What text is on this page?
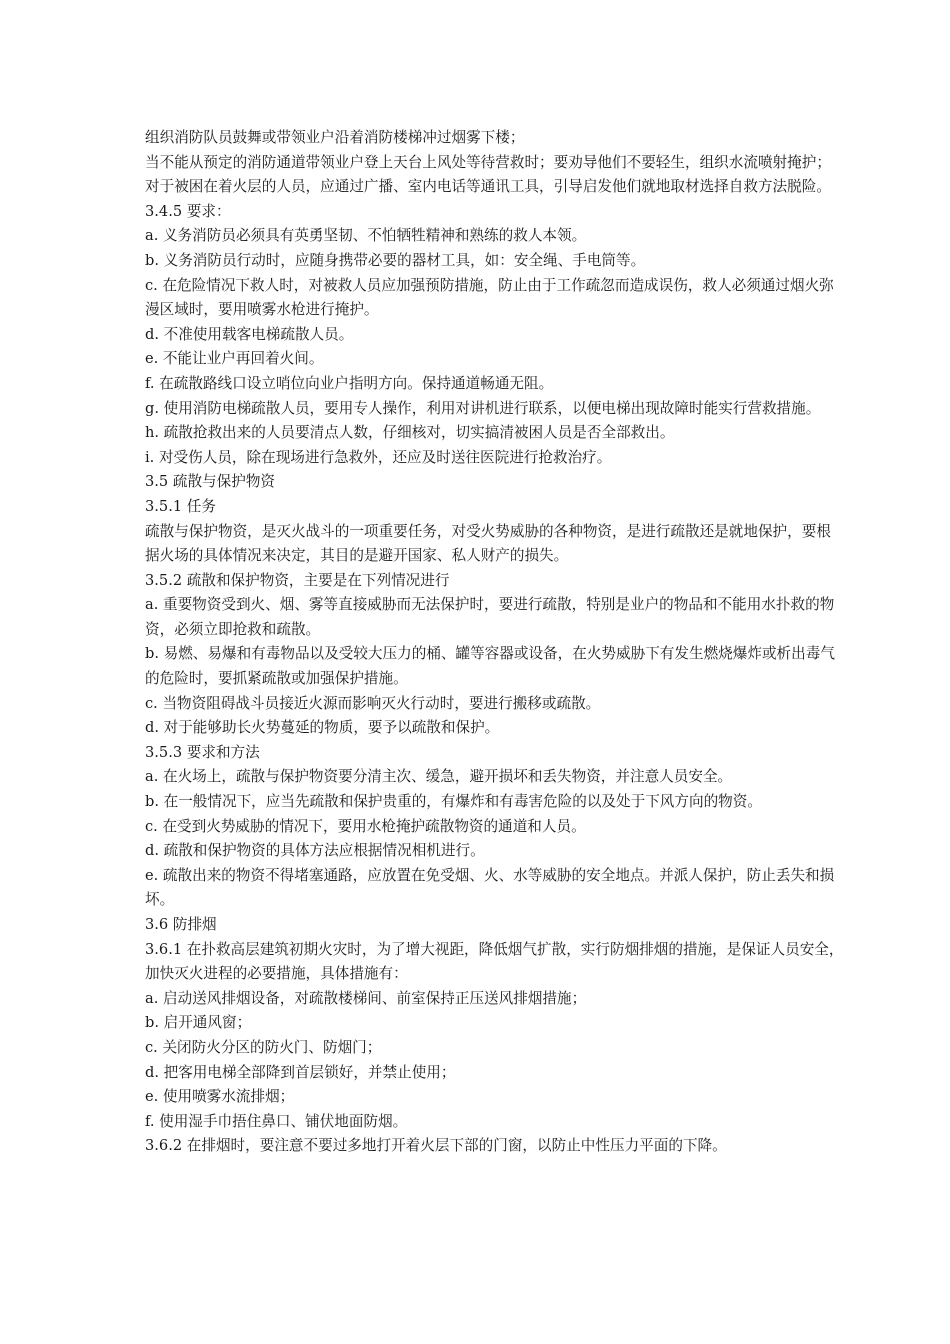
组织消防队员鼓舞或带领业户沿着消防楼梯冲过烟雾下楼；

当不能从预定的消防通道带领业户登上天台上风处等待营救时；要劝导他们不要轻生，组织水流喷射掩护；

对于被困在着火层的人员，应通过广播、室内电话等通讯工具，引导启发他们就地取材选择自救方法脱险。

3.4.5 要求：

a. 义务消防员必须具有英勇坚韧、不怕牺牲精神和熟练的救人本领。

b. 义务消防员行动时，应随身携带必要的器材工具，如：安全绳、手电筒等。

c. 在危险情况下救人时，对被救人员应加强预防措施，防止由于工作疏忽而造成误伤，救人必须通过烟火弥漫区域时，要用喷雾水枪进行掩护。

d. 不准使用载客电梯疏散人员。

e. 不能让业户再回着火间。

f. 在疏散路线口设立哨位向业户指明方向。保持通道畅通无阻。

g. 使用消防电梯疏散人员，要用专人操作，利用对讲机进行联系，以便电梯出现故障时能实行营救措施。

h. 疏散抢救出来的人员要清点人数，仔细核对，切实搞清被困人员是否全部救出。

i. 对受伤人员，除在现场进行急救外，还应及时送往医院进行抢救治疗。

3.5 疏散与保护物资

3.5.1 任务

疏散与保护物资，是灭火战斗的一项重要任务，对受火势威胁的各种物资，是进行疏散还是就地保护，要根据火场的具体情况来决定，其目的是避开国家、私人财产的损失。

3.5.2 疏散和保护物资，主要是在下列情况进行

a. 重要物资受到火、烟、雾等直接威胁而无法保护时，要进行疏散，特别是业户的物品和不能用水扑救的物资，必须立即抢救和疏散。

b. 易燃、易爆和有毒物品以及受较大压力的桶、罐等容器或设备，在火势威胁下有发生燃烧爆炸或析出毒气的危险时，要抓紧疏散或加强保护措施。

c. 当物资阻碍战斗员接近火源而影响灭火行动时，要进行搬移或疏散。

d. 对于能够助长火势蔓延的物质，要予以疏散和保护。

3.5.3 要求和方法

a. 在火场上，疏散与保护物资要分清主次、缓急，避开损坏和丢失物资，并注意人员安全。

b. 在一般情况下，应当先疏散和保护贵重的，有爆炸和有毒害危险的以及处于下风方向的物资。

c. 在受到火势威胁的情况下，要用水枪掩护疏散物资的通道和人员。

d. 疏散和保护物资的具体方法应根据情况相机进行。

e. 疏散出来的物资不得堵塞通路，应放置在免受烟、火、水等威胁的安全地点。并派人保护，防止丢失和损坏。

3.6 防排烟

3.6.1 在扑救高层建筑初期火灾时，为了增大视距，降低烟气扩散，实行防烟排烟的措施，是保证人员安全，加快灭火进程的必要措施，具体措施有：

a. 启动送风排烟设备，对疏散楼梯间、前室保持正压送风排烟措施；

b. 启开通风窗；

c. 关闭防火分区的防火门、防烟门；

d. 把客用电梯全部降到首层锁好，并禁止使用；

e. 使用喷雾水流排烟；

f. 使用湿手巾捂住鼻口、铺伏地面防烟。

3.6.2 在排烟时，要注意不要过多地打开着火层下部的门窗，以防止中性压力平面的下降。
